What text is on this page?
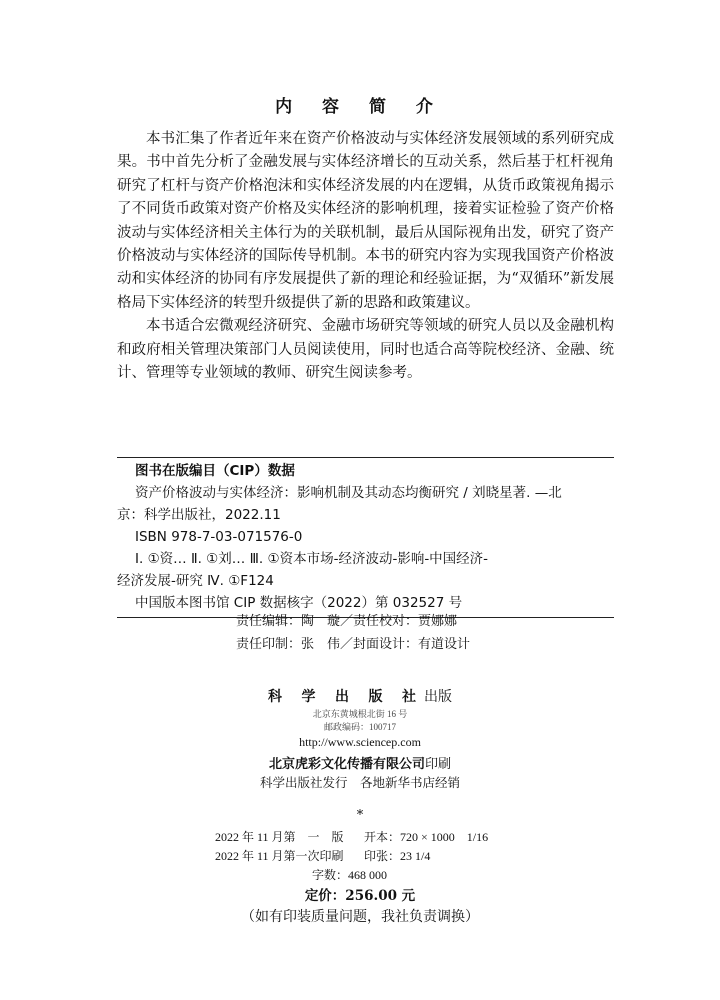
内 容 简 介

本书汇集了作者近年来在资产价格波动与实体经济发展领域的系列研究成果。书中首先分析了金融发展与实体经济增长的互动关系，然后基于杠杆视角研究了杠杆与资产价格泡沫和实体经济发展的内在逻辑，从货币政策视角揭示了不同货币政策对资产价格及实体经济的影响机理，接着实证检验了资产价格波动与实体经济相关主体行为的关联机制，最后从国际视角出发，研究了资产价格波动与实体经济的国际传导机制。本书的研究内容为实现我国资产价格波动和实体经济的协同有序发展提供了新的理论和经验证据，为“双循环”新发展格局下实体经济的转型升级提供了新的思路和政策建议。

本书适合宏微观经济研究、金融市场研究等领域的研究人员以及金融机构和政府相关管理决策部门人员阅读使用，同时也适合高等院校经济、金融、统计、管理等专业领域的教师、研究生阅读参考。

图书在版编目（CIP）数据
资产价格波动与实体经济：影响机制及其动态均衡研究 / 刘晓星著. —北
京：科学出版社，2022.11
ISBN 978-7-03-071576-0
Ⅰ. ①资… Ⅱ. ①刘… Ⅲ. ①资本市场-经济波动-影响-中国经济-
经济发展-研究 Ⅳ. ①F124
中国版本图书馆 CIP 数据核字（2022）第 032527 号
责任编辑：陶　璇／责任校对：贾娜娜
责任印制：张　伟／封面设计：有道设计
科 学 出 版 社出版
北京东黄城根北街 16 号
邮政编码：100717
http://www.sciencep.com
北京虎彩文化传播有限公司印刷
科学出版社发行　各地新华书店经销
*
2022 年 11 月第　一　版 开本：720 × 1000　1/16
2022 年 11 月第一次印刷 印张：23 1/4
字数：468 000
定价：256.00 元
（如有印装质量问题，我社负责调换）
